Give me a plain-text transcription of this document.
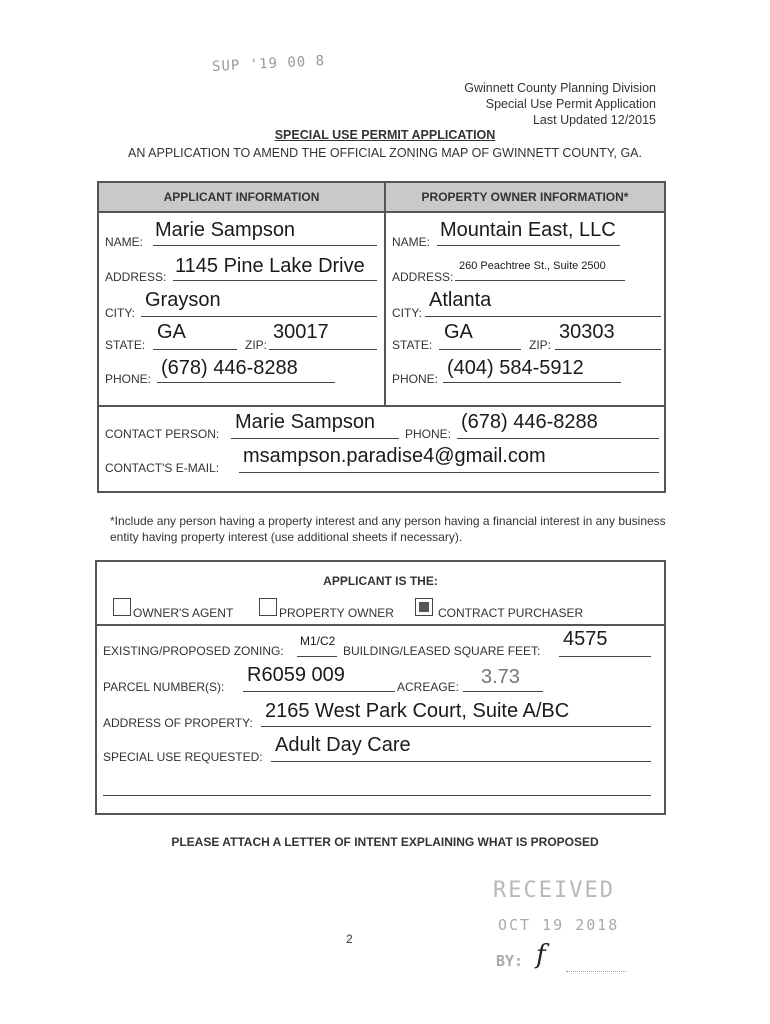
SUP '19 00 8
Gwinnett County Planning Division
Special Use Permit Application
Last Updated 12/2015
SPECIAL USE PERMIT APPLICATION
AN APPLICATION TO AMEND THE OFFICIAL ZONING MAP OF GWINNETT COUNTY, GA.
APPLICANT INFORMATION	PROPERTY OWNER INFORMATION*
NAME:
Marie Sampson
ADDRESS: 1145 Pine Lake Drive
CITY:
Grayson
STATE:
GA
ZIP:
30017
PHONE: (678) 446-8288
NAME:
Mountain East, LLC
ADDRESS:
260 Peachtree St., Suite 2500
CITY:
Atlanta
STATE:
GA
ZIP:
30303
PHONE: (404) 584-5912
CONTACT PERSON:
Marie Sampson
PHONE:
(678) 446-8288
CONTACT'S E-MAIL:
msampson.paradise4@gmail.com
*Include any person having a property interest and any person having a financial interest in any business entity having property interest (use additional sheets if necessary).
APPLICANT IS THE:
OWNER'S AGENT	PROPERTY OWNER	CONTRACT PURCHASER
EXISTING/PROPOSED ZONING:
M1/C2
BUILDING/LEASED SQUARE FEET:
4575
PARCEL NUMBER(S):
R6059 009
ACREAGE: 3.73
ADDRESS OF PROPERTY:
2165 West Park Court, Suite A/BC
SPECIAL USE REQUESTED:
Adult Day Care
PLEASE ATTACH A LETTER OF INTENT EXPLAINING WHAT IS PROPOSED
2
RECEIVED
OCT 19 2018
BY: f
